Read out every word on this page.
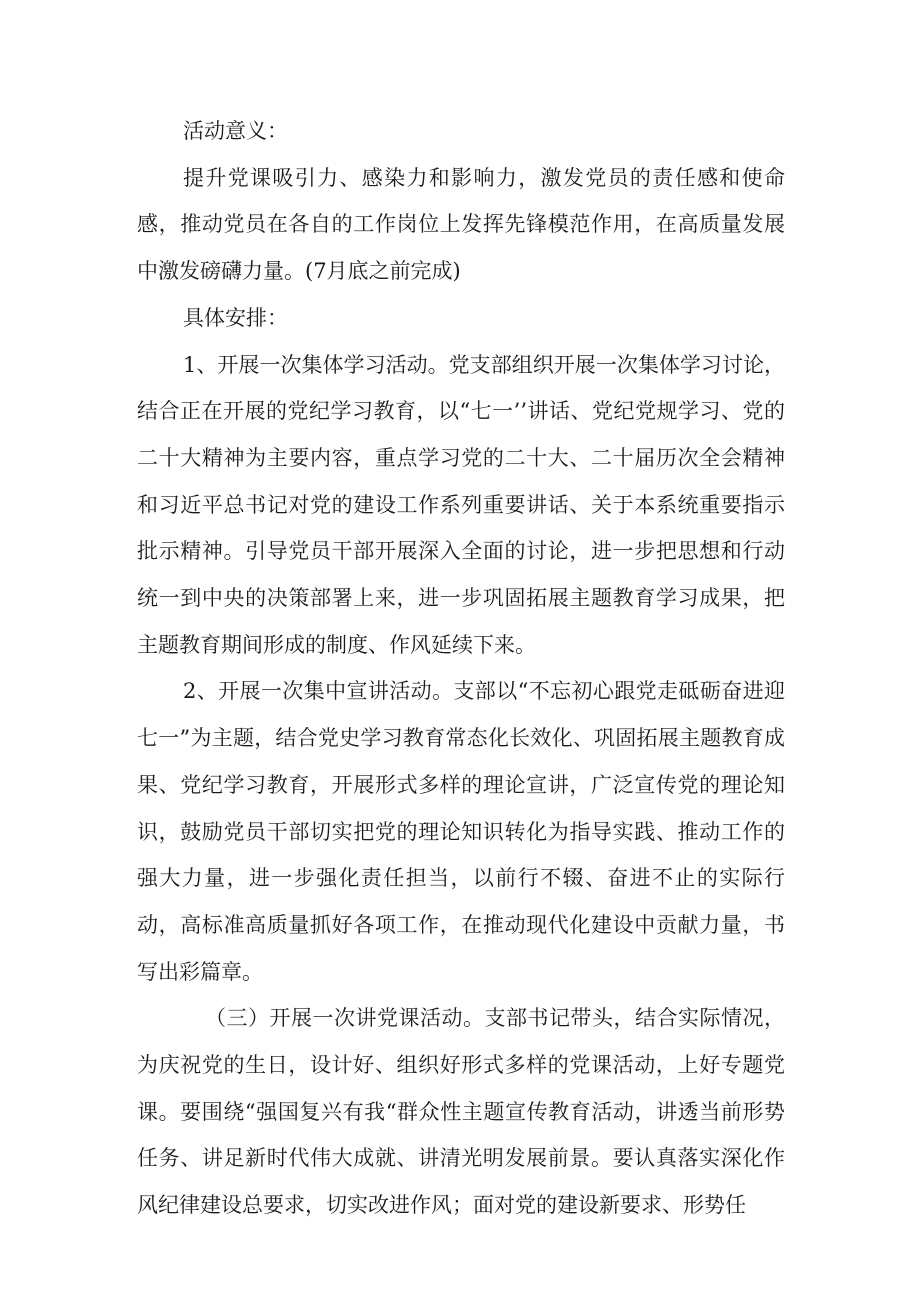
活动意义：

提升党课吸引力、感染力和影响力，激发党员的责任感和使命感，推动党员在各自的工作岗位上发挥先锋模范作用，在高质量发展中激发磅礴力量。(7月底之前完成)

具体安排：

1、开展一次集体学习活动。党支部组织开展一次集体学习讨论，结合正在开展的党纪学习教育，以“七一’’讲话、党纪党规学习、党的二十大精神为主要内容，重点学习党的二十大、二十届历次全会精神和习近平总书记对党的建设工作系列重要讲话、关于本系统重要指示批示精神。引导党员干部开展深入全面的讨论，进一步把思想和行动统一到中央的决策部署上来，进一步巩固拓展主题教育学习成果，把主题教育期间形成的制度、作风延续下来。

2、开展一次集中宣讲活动。支部以“不忘初心跟党走砥砺奋进迎七一”为主题，结合党史学习教育常态化长效化、巩固拓展主题教育成果、党纪学习教育，开展形式多样的理论宣讲，广泛宣传党的理论知识，鼓励党员干部切实把党的理论知识转化为指导实践、推动工作的强大力量，进一步强化责任担当，以前行不辍、奋进不止的实际行动，高标准高质量抓好各项工作，在推动现代化建设中贡献力量，书写出彩篇章。

（三）开展一次讲党课活动。支部书记带头，结合实际情况，为庆祝党的生日，设计好、组织好形式多样的党课活动，上好专题党课。要围绕“强国复兴有我“群众性主题宣传教育活动，讲透当前形势任务、讲足新时代伟大成就、讲清光明发展前景。要认真落实深化作风纪律建设总要求，切实改进作风；面对党的建设新要求、形势任
